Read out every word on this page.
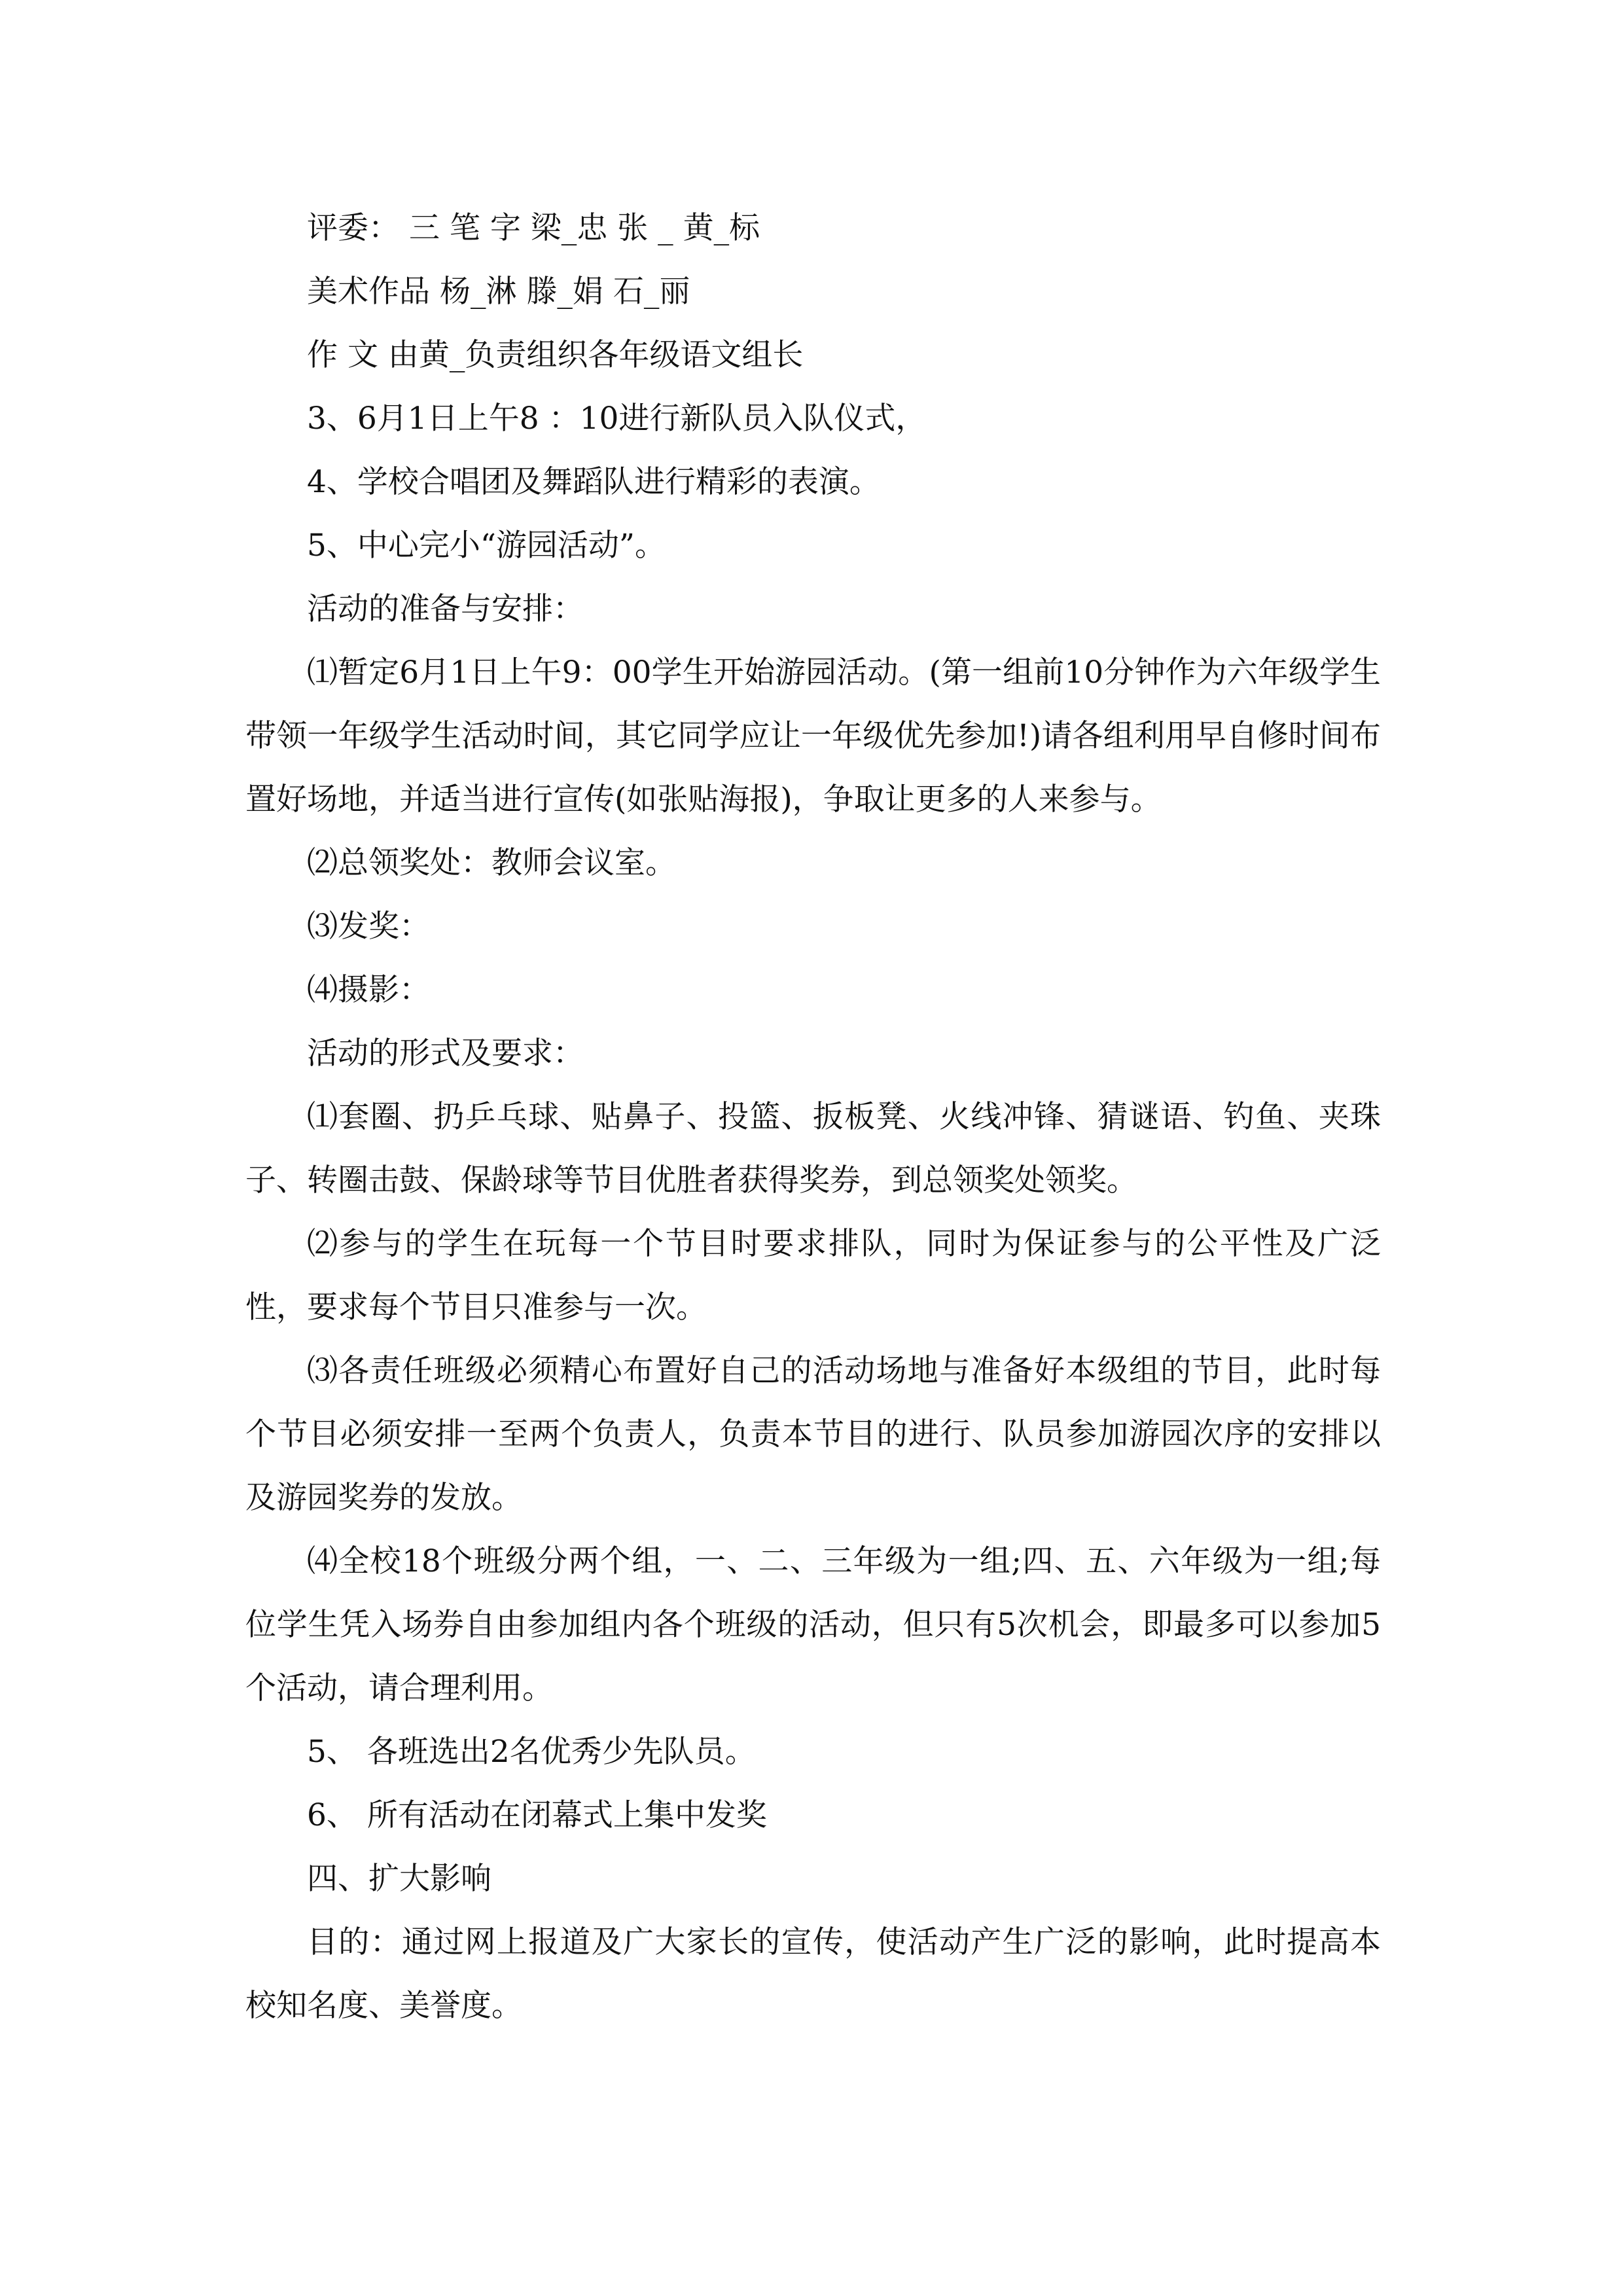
评委： 三 笔 字 梁_忠 张 _ 黄_标

美术作品 杨_淋 滕_娟 石_丽

作 文 由黄_负责组织各年级语文组长

3、6月1日上午8 ：10进行新队员入队仪式，

4、学校合唱团及舞蹈队进行精彩的表演。

5、中心完小“游园活动”。

活动的准备与安排：

⑴暂定6月1日上午9：00学生开始游园活动。(第一组前10分钟作为六年级学生带领一年级学生活动时间，其它同学应让一年级优先参加!)请各组利用早自修时间布置好场地，并适当进行宣传(如张贴海报)，争取让更多的人来参与。

⑵总领奖处：教师会议室。

⑶发奖：

⑷摄影：

活动的形式及要求：

⑴套圈、扔乒乓球、贴鼻子、投篮、扳板凳、火线冲锋、猜谜语、钓鱼、夹珠子、转圈击鼓、保龄球等节目优胜者获得奖券，到总领奖处领奖。

⑵参与的学生在玩每一个节目时要求排队，同时为保证参与的公平性及广泛性，要求每个节目只准参与一次。

⑶各责任班级必须精心布置好自己的活动场地与准备好本级组的节目，此时每个节目必须安排一至两个负责人，负责本节目的进行、队员参加游园次序的安排以及游园奖券的发放。

⑷全校18个班级分两个组，一、二、三年级为一组;四、五、六年级为一组;每位学生凭入场券自由参加组内各个班级的活动，但只有5次机会，即最多可以参加5个活动，请合理利用。

5、 各班选出2名优秀少先队员。

6、 所有活动在闭幕式上集中发奖

四、扩大影响

目的：通过网上报道及广大家长的宣传，使活动产生广泛的影响，此时提高本校知名度、美誉度。
